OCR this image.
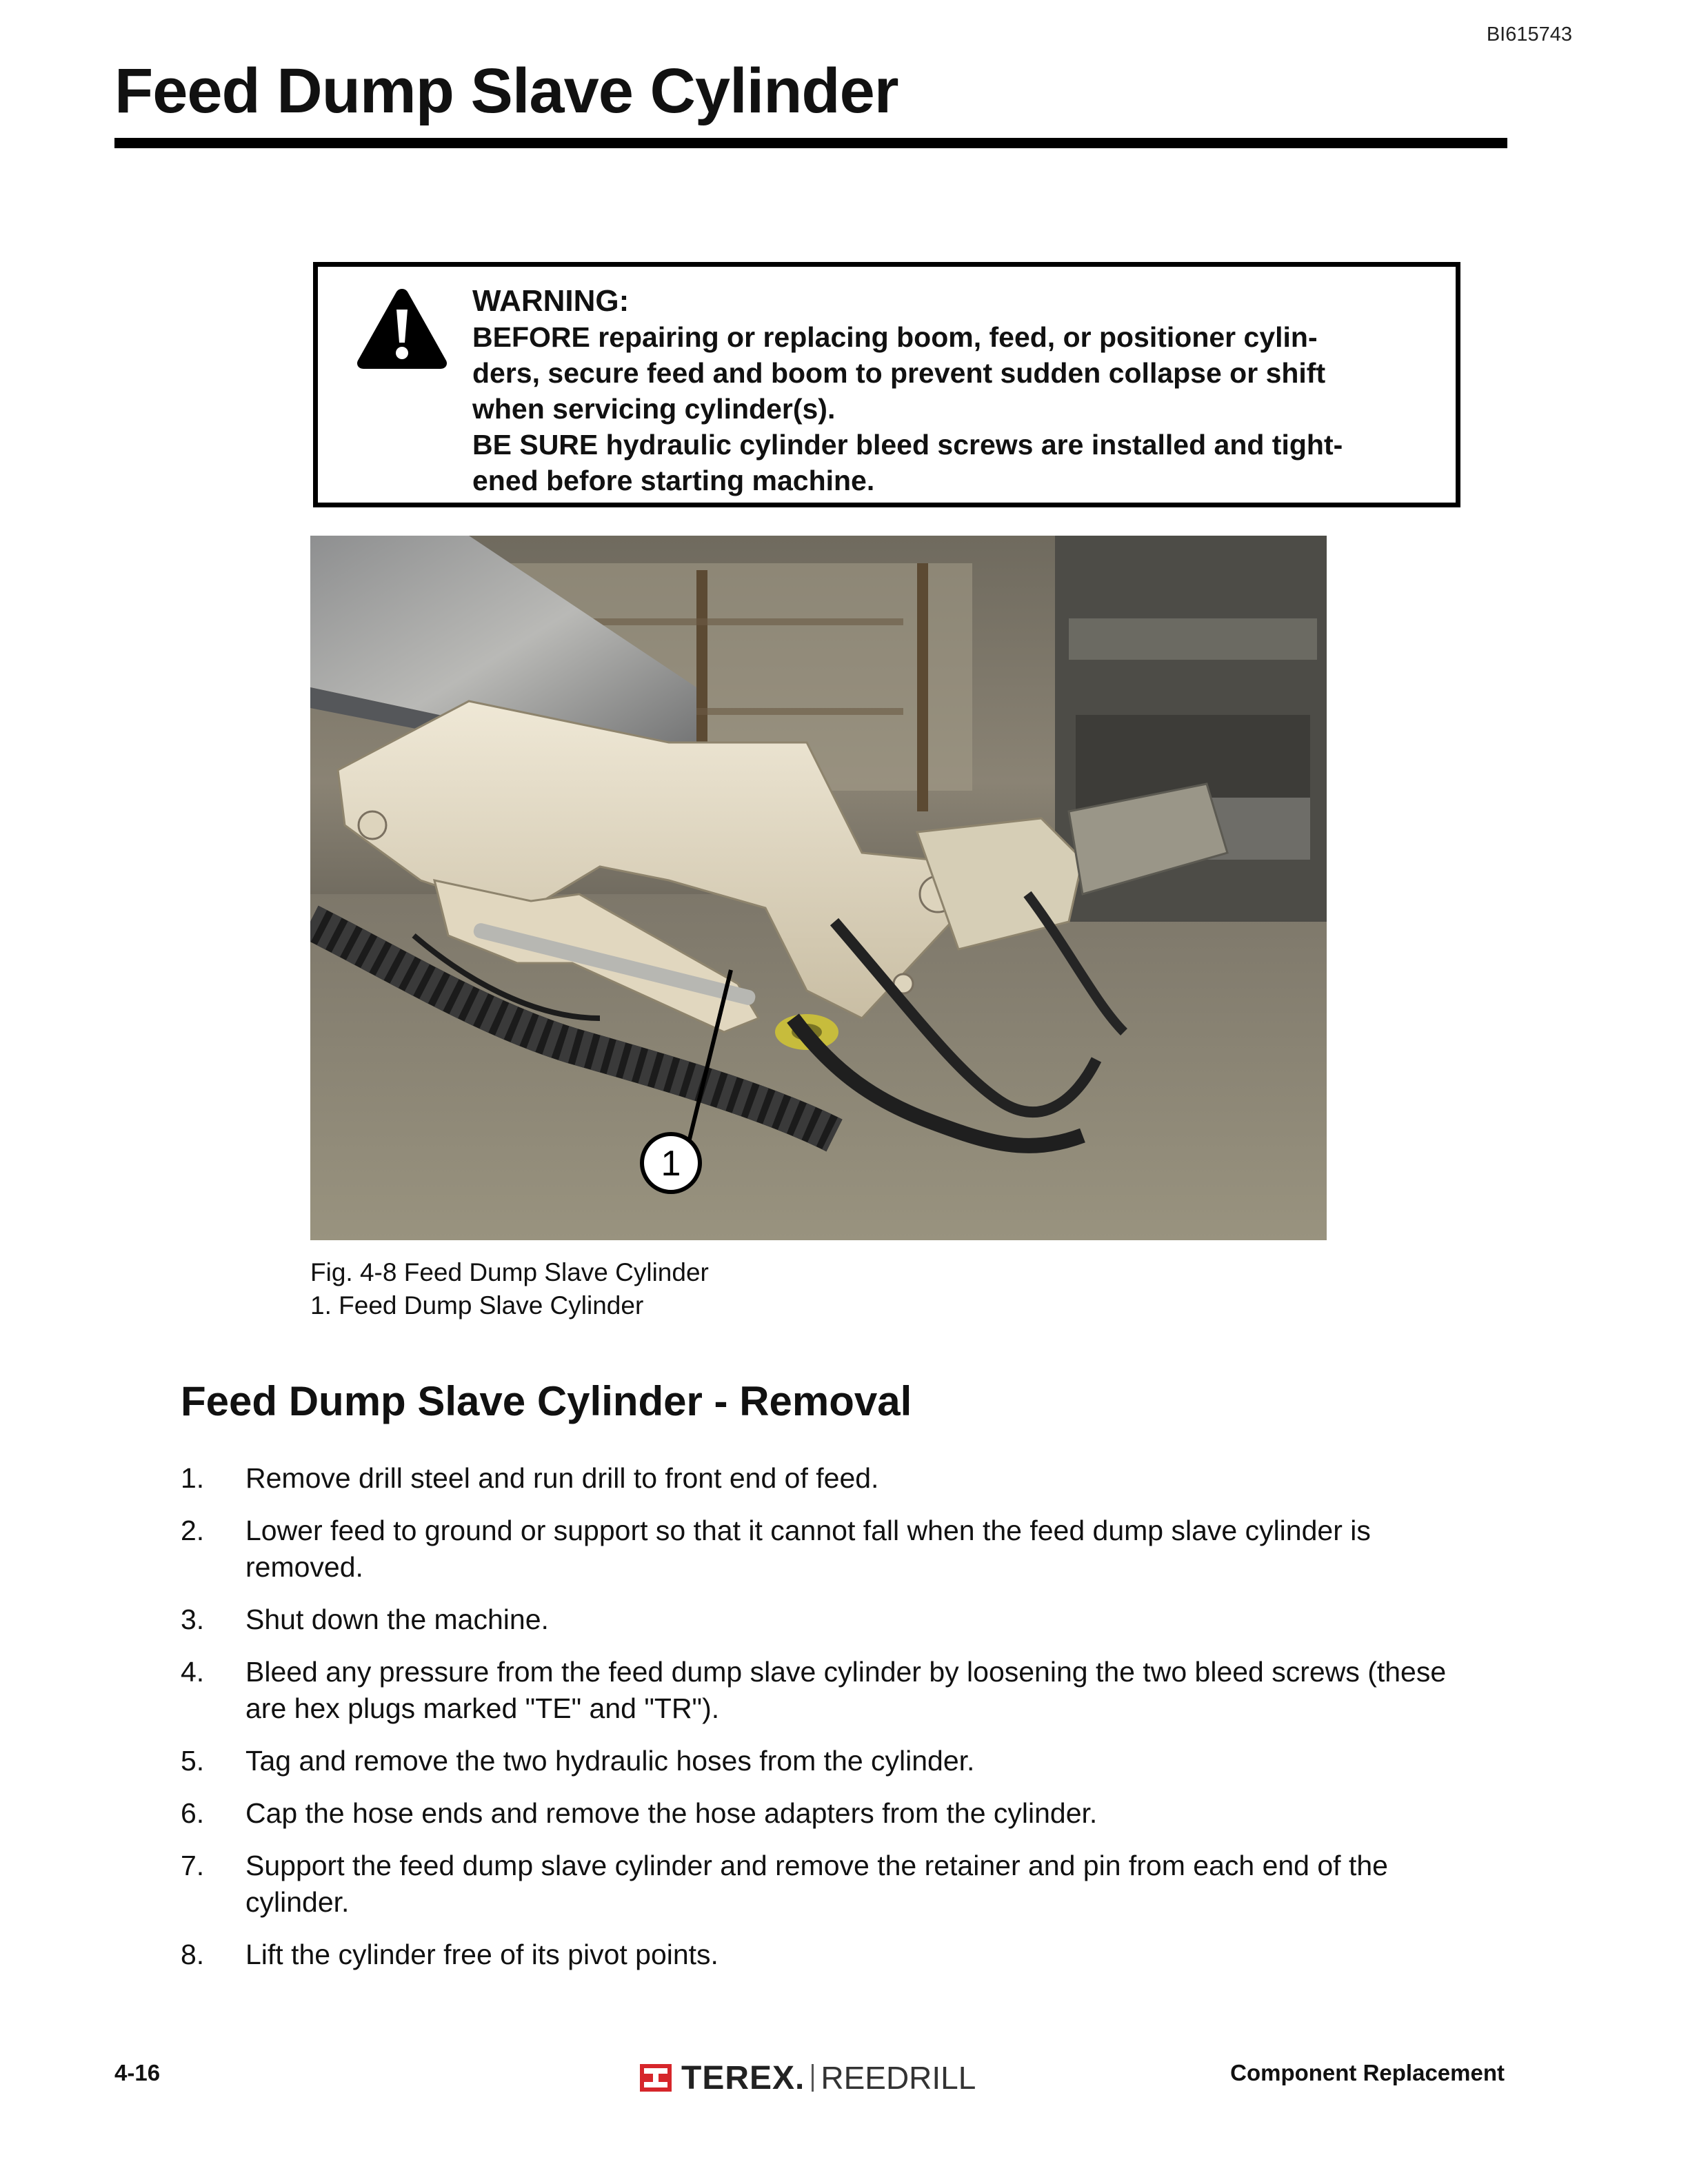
BI615743
Feed Dump Slave Cylinder
WARNING:
BEFORE repairing or replacing boom, feed, or positioner cylin-
ders, secure feed and boom to prevent sudden collapse or shift
when servicing cylinder(s).
BE SURE hydraulic cylinder bleed screws are installed and tight-
ened before starting machine.
1
Fig. 4-8 Feed Dump Slave Cylinder
1. Feed Dump Slave Cylinder
Feed Dump Slave Cylinder - Removal
1. Remove drill steel and run drill to front end of feed.
2. Lower feed to ground or support so that it cannot fall when the feed dump slave cylinder is removed.
3. Shut down the machine.
4. Bleed any pressure from the feed dump slave cylinder by loosening the two bleed screws (these are hex plugs marked "TE" and "TR").
5. Tag and remove the two hydraulic hoses from the cylinder.
6. Cap the hose ends and remove the hose adapters from the cylinder.
7. Support the feed dump slave cylinder and remove the retainer and pin from each end of the cylinder.
8. Lift the cylinder free of its pivot points.
4-16	TEREX. REEDRILL	Component Replacement
